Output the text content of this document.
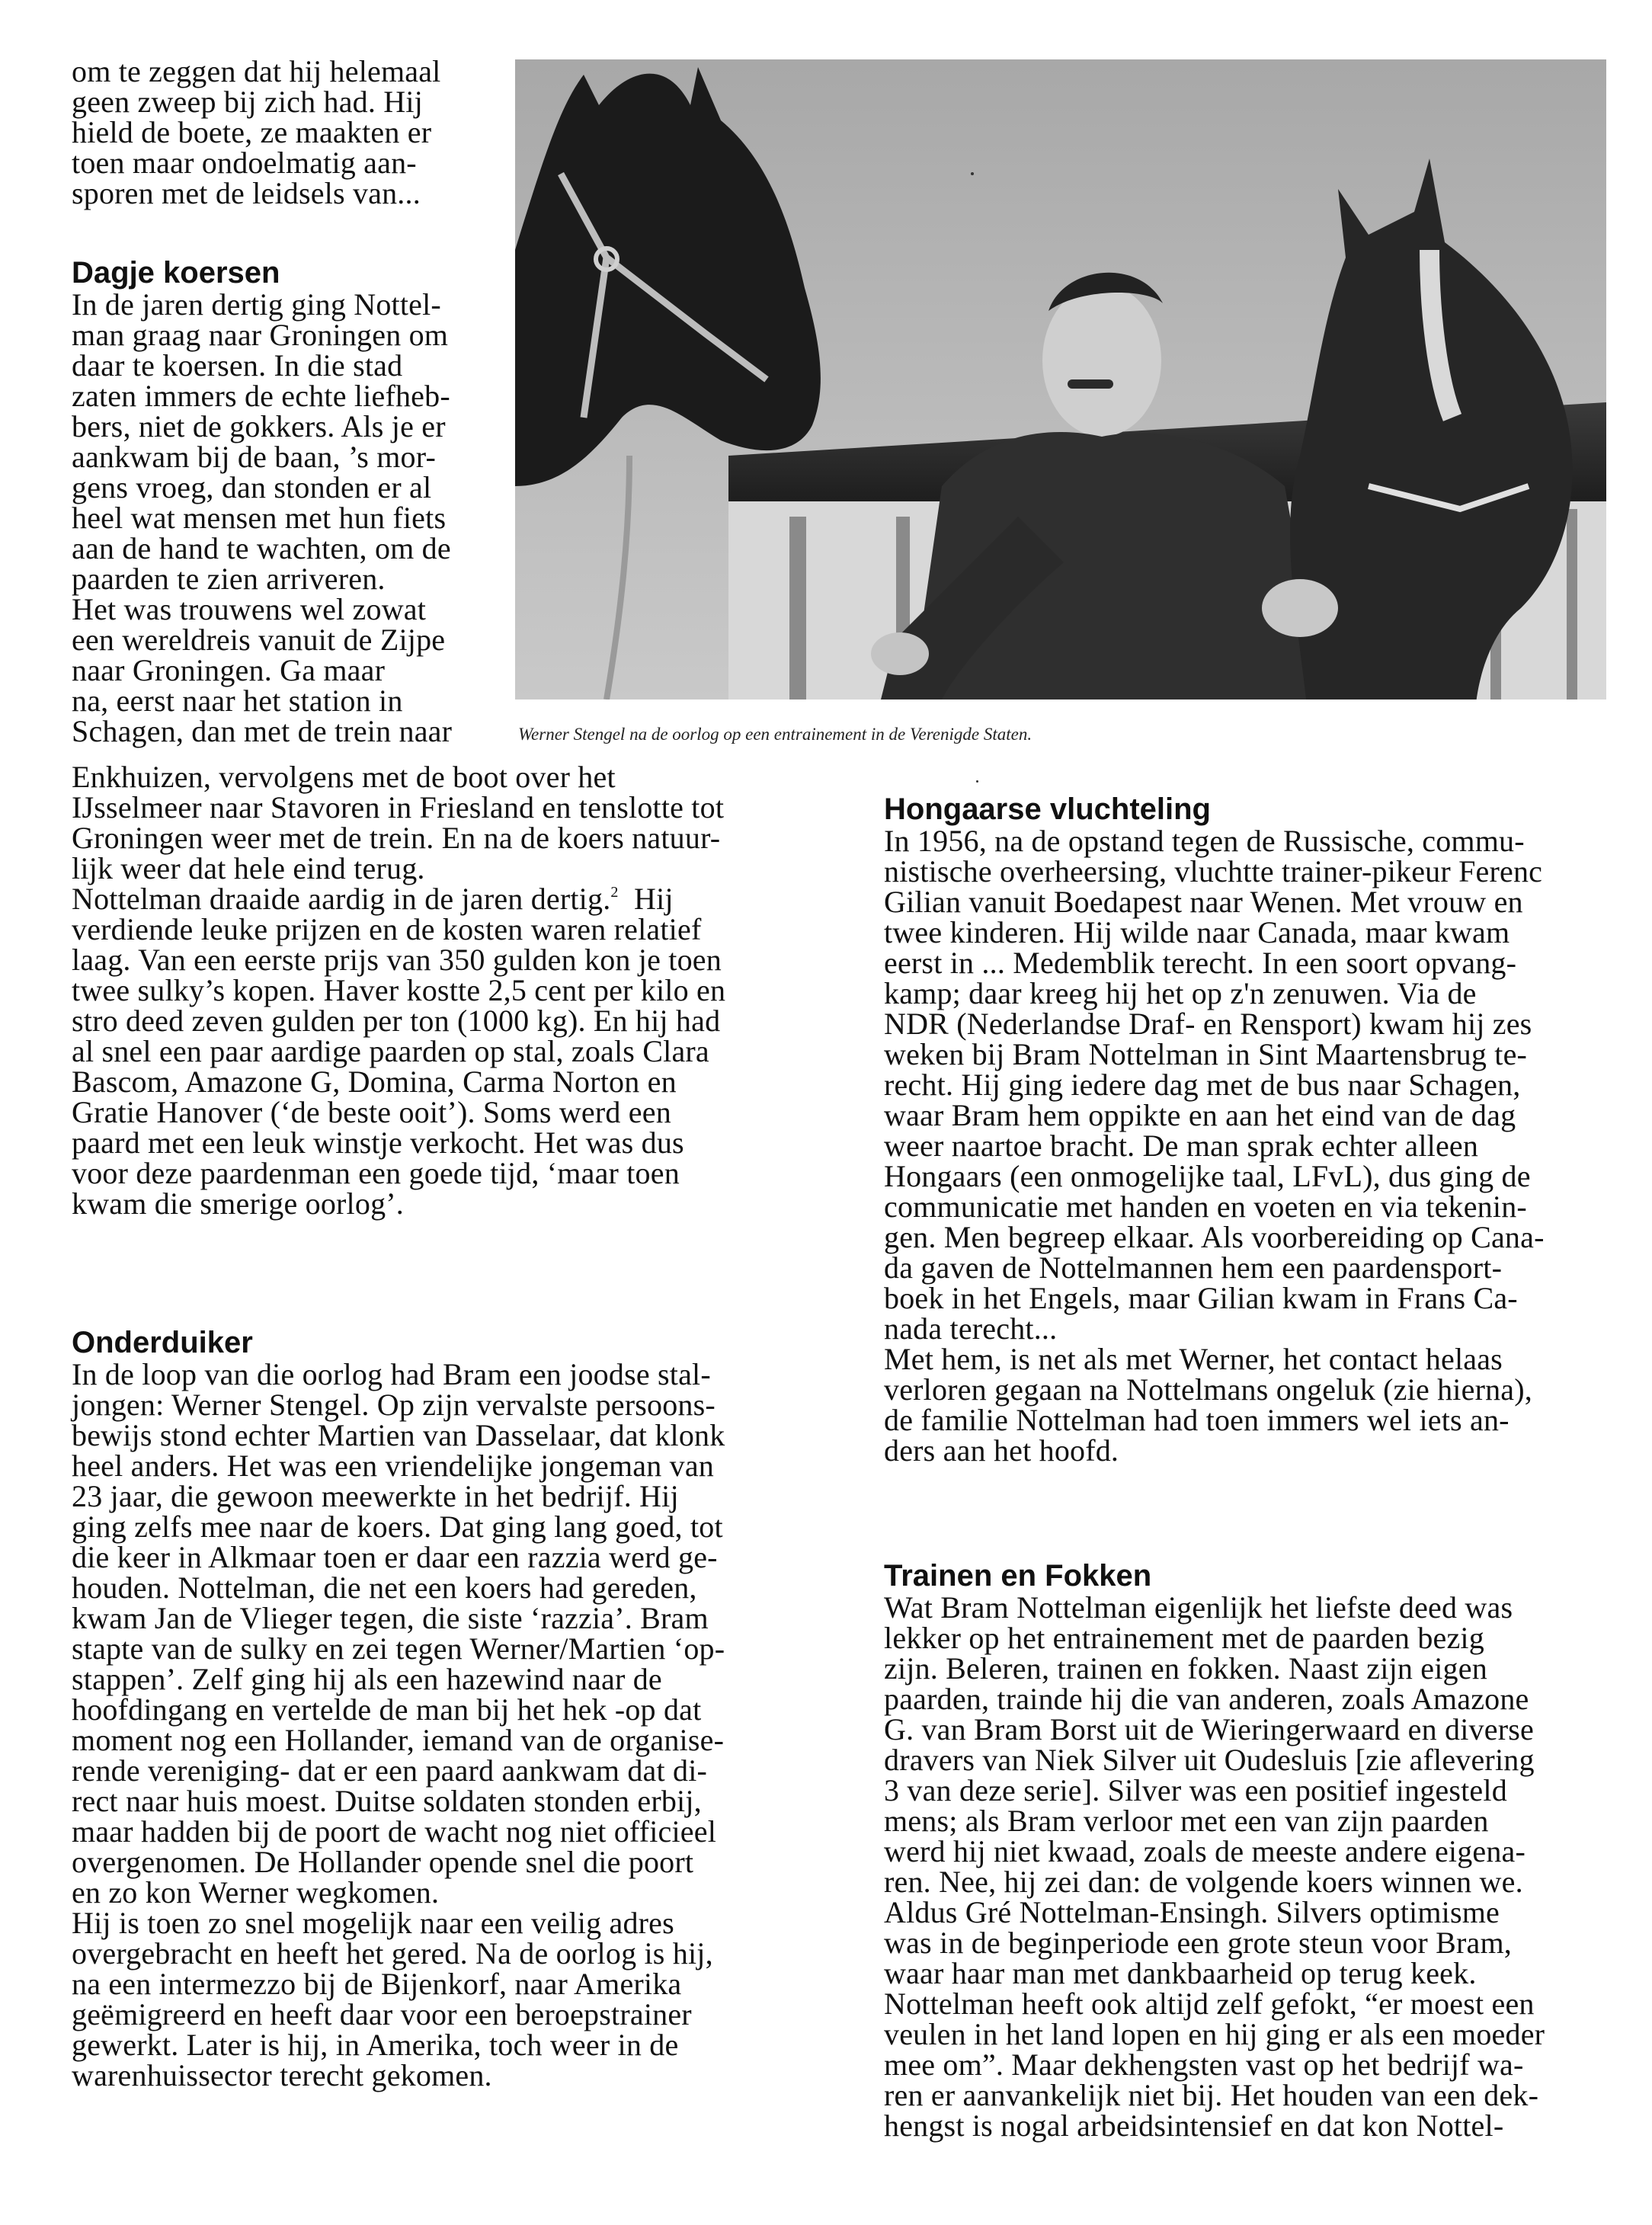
om te zeggen dat hij helemaal
geen zweep bij zich had. Hij
hield de boete, ze maakten er
toen maar ondoelmatig aan-
sporen met de leidsels van...
Dagje koersen
In de jaren dertig ging Nottel-
man graag naar Groningen om
daar te koersen. In die stad
zaten immers de echte liefheb-
bers, niet de gokkers. Als je er
aankwam bij de baan, ’s mor-
gens vroeg, dan stonden er al
heel wat mensen met hun fiets
aan de hand te wachten, om de
paarden te zien arriveren.
Het was trouwens wel zowat
een wereldreis vanuit de Zijpe
naar Groningen. Ga maar
na, eerst naar het station in
Schagen, dan met de trein naar
Enkhuizen, vervolgens met de boot over het
IJsselmeer naar Stavoren in Friesland en tenslotte tot
Groningen weer met de trein. En na de koers natuur-
lijk weer dat hele eind terug.
Nottelman draaide aardig in de jaren dertig.$^2$  Hij
verdiende leuke prijzen en de kosten waren relatief
laag. Van een eerste prijs van 350 gulden kon je toen
twee sulky’s kopen. Haver kostte 2,5 cent per kilo en
stro deed zeven gulden per ton (1000 kg). En hij had
al snel een paar aardige paarden op stal, zoals Clara
Bascom, Amazone G, Domina, Carma Norton en
Gratie Hanover (‘de beste ooit’). Soms werd een
paard met een leuk winstje verkocht. Het was dus
voor deze paardenman een goede tijd, ‘maar toen
kwam die smerige oorlog’.
Onderduiker
In de loop van die oorlog had Bram een joodse stal-
jongen: Werner Stengel. Op zijn vervalste persoons-
bewijs stond echter Martien van Dasselaar, dat klonk
heel anders. Het was een vriendelijke jongeman van
23 jaar, die gewoon meewerkte in het bedrijf. Hij
ging zelfs mee naar de koers. Dat ging lang goed, tot
die keer in Alkmaar toen er daar een razzia werd ge-
houden. Nottelman, die net een koers had gereden,
kwam Jan de Vlieger tegen, die siste ‘razzia’. Bram
stapte van de sulky en zei tegen Werner/Martien ‘op-
stappen’. Zelf ging hij als een hazewind naar de
hoofdingang en vertelde de man bij het hek -op dat
moment nog een Hollander, iemand van de organise-
rende vereniging- dat er een paard aankwam dat di-
rect naar huis moest. Duitse soldaten stonden erbij,
maar hadden bij de poort de wacht nog niet officieel
overgenomen. De Hollander opende snel die poort
en zo kon Werner wegkomen.
Hij is toen zo snel mogelijk naar een veilig adres
overgebracht en heeft het gered. Na de oorlog is hij,
na een intermezzo bij de Bijenkorf, naar Amerika
geëmigreerd en heeft daar voor een beroepstrainer
gewerkt. Later is hij, in Amerika, toch weer in de
warenhuissector terecht gekomen.
Werner Stengel na de oorlog op een entrainement in de Verenigde Staten.
Hongaarse vluchteling
In 1956, na de opstand tegen de Russische, commu-
nistische overheersing, vluchtte trainer-pikeur Ferenc
Gilian vanuit Boedapest naar Wenen. Met vrouw en
twee kinderen. Hij wilde naar Canada, maar kwam
eerst in ... Medemblik terecht. In een soort opvang-
kamp; daar kreeg hij het op z'n zenuwen. Via de
NDR (Nederlandse Draf- en Rensport) kwam hij zes
weken bij Bram Nottelman in Sint Maartensbrug te-
recht. Hij ging iedere dag met de bus naar Schagen,
waar Bram hem oppikte en aan het eind van de dag
weer naartoe bracht. De man sprak echter alleen
Hongaars (een onmogelijke taal, LFvL), dus ging de
communicatie met handen en voeten en via tekenin-
gen. Men begreep elkaar. Als voorbereiding op Cana-
da gaven de Nottelmannen hem een paardensport-
boek in het Engels, maar Gilian kwam in Frans Ca-
nada terecht...
Met hem, is net als met Werner, het contact helaas
verloren gegaan na Nottelmans ongeluk (zie hierna),
de familie Nottelman had toen immers wel iets an-
ders aan het hoofd.
Trainen en Fokken
Wat Bram Nottelman eigenlijk het liefste deed was
lekker op het entrainement met de paarden bezig
zijn. Beleren, trainen en fokken. Naast zijn eigen
paarden, trainde hij die van anderen, zoals Amazone
G. van Bram Borst uit de Wieringerwaard en diverse
dravers van Niek Silver uit Oudesluis [zie aflevering
3 van deze serie]. Silver was een positief ingesteld
mens; als Bram verloor met een van zijn paarden
werd hij niet kwaad, zoals de meeste andere eigena-
ren. Nee, hij zei dan: de volgende koers winnen we.
Aldus Gré Nottelman-Ensingh. Silvers optimisme
was in de beginperiode een grote steun voor Bram,
waar haar man met dankbaarheid op terug keek.
Nottelman heeft ook altijd zelf gefokt, “er moest een
veulen in het land lopen en hij ging er als een moeder
mee om”. Maar dekhengsten vast op het bedrijf wa-
ren er aanvankelijk niet bij. Het houden van een dek-
hengst is nogal arbeidsintensief en dat kon Nottel-
